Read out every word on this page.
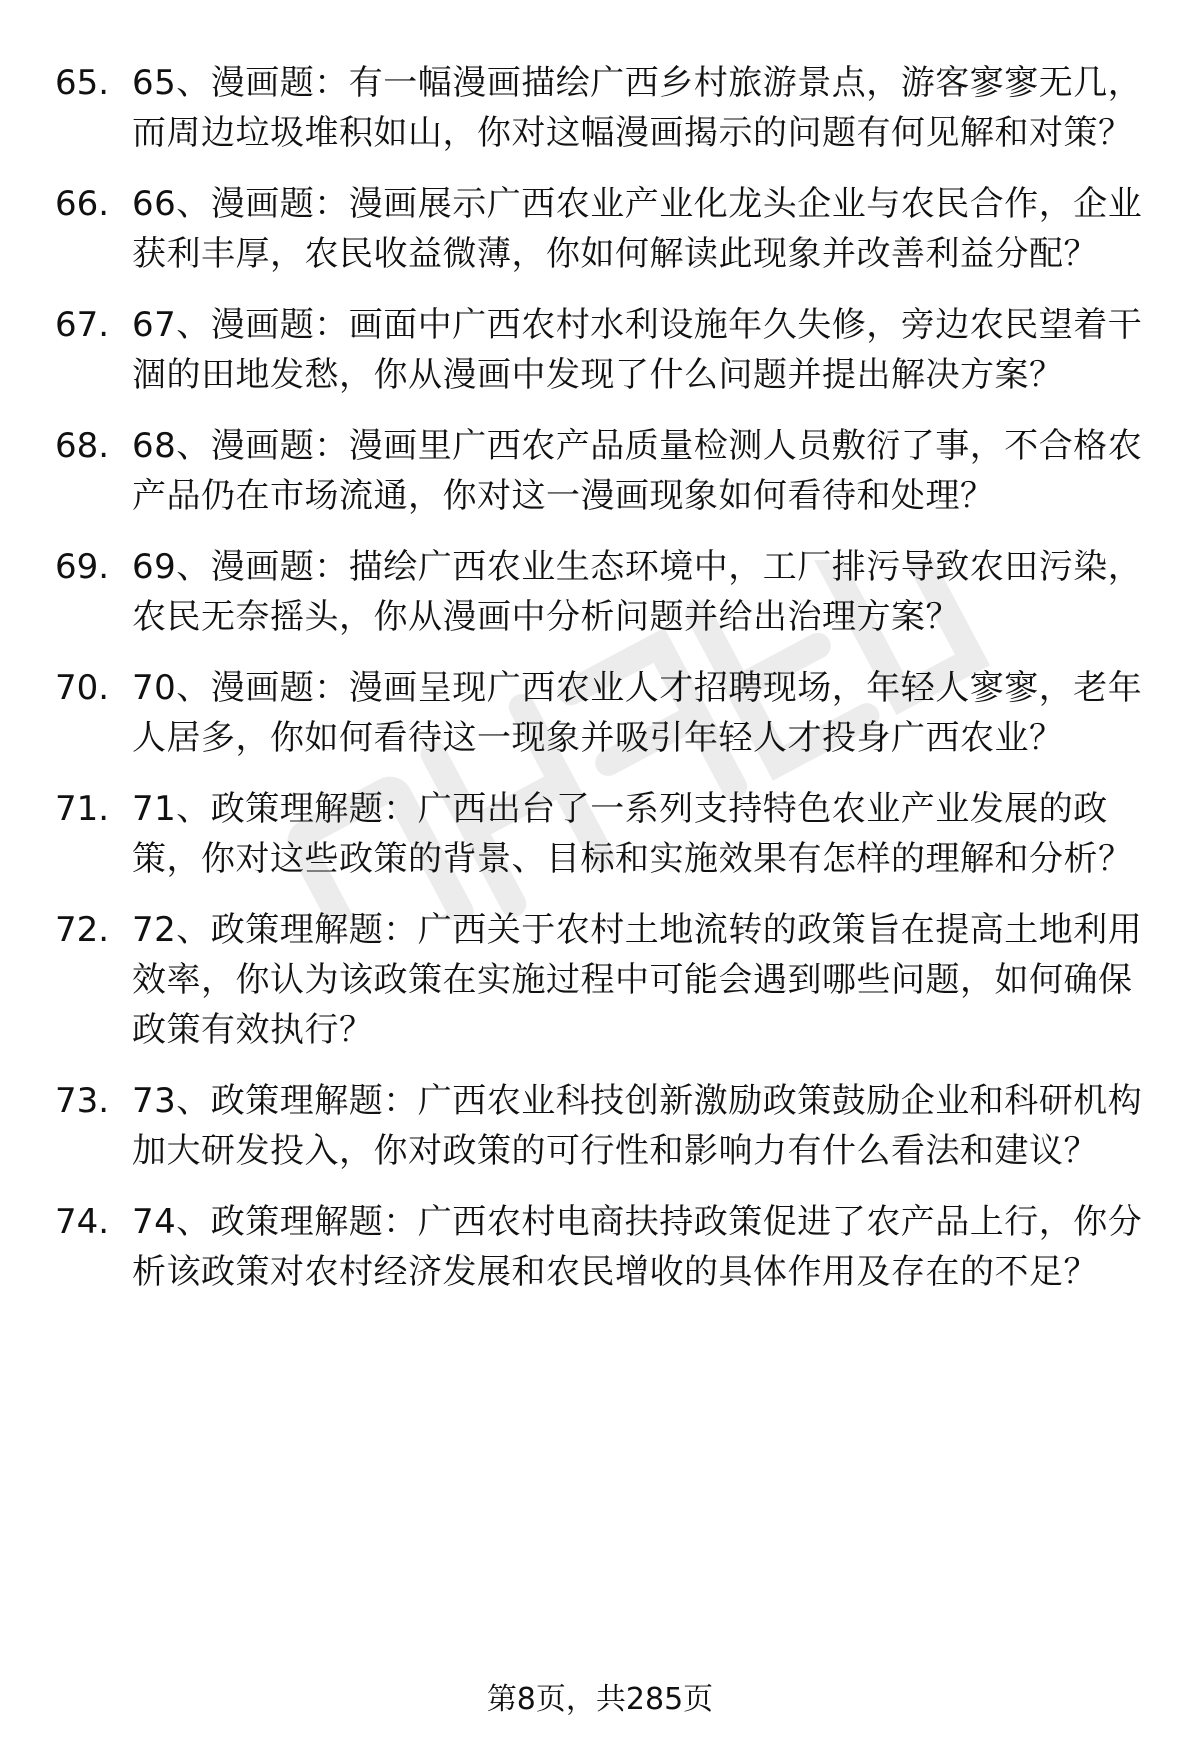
65. 65、漫画题：有一幅漫画描绘广西乡村旅游景点，游客寥寥无几，而周边垃圾堆积如山，你对这幅漫画揭示的问题有何见解和对策？
66. 66、漫画题：漫画展示广西农业产业化龙头企业与农民合作，企业获利丰厚，农民收益微薄，你如何解读此现象并改善利益分配？
67. 67、漫画题：画面中广西农村水利设施年久失修，旁边农民望着干涸的田地发愁，你从漫画中发现了什么问题并提出解决方案？
68. 68、漫画题：漫画里广西农产品质量检测人员敷衍了事，不合格农产品仍在市场流通，你对这一漫画现象如何看待和处理？
69. 69、漫画题：描绘广西农业生态环境中，工厂排污导致农田污染，农民无奈摇头，你从漫画中分析问题并给出治理方案？
70. 70、漫画题：漫画呈现广西农业人才招聘现场，年轻人寥寥，老年人居多，你如何看待这一现象并吸引年轻人才投身广西农业？
71. 71、政策理解题：广西出台了一系列支持特色农业产业发展的政策，你对这些政策的背景、目标和实施效果有怎样的理解和分析？
72. 72、政策理解题：广西关于农村土地流转的政策旨在提高土地利用效率，你认为该政策在实施过程中可能会遇到哪些问题，如何确保政策有效执行？
73. 73、政策理解题：广西农业科技创新激励政策鼓励企业和科研机构加大研发投入，你对政策的可行性和影响力有什么看法和建议？
74. 74、政策理解题：广西农村电商扶持政策促进了农产品上行，你分析该政策对农村经济发展和农民增收的具体作用及存在的不足？
第8页，共285页
